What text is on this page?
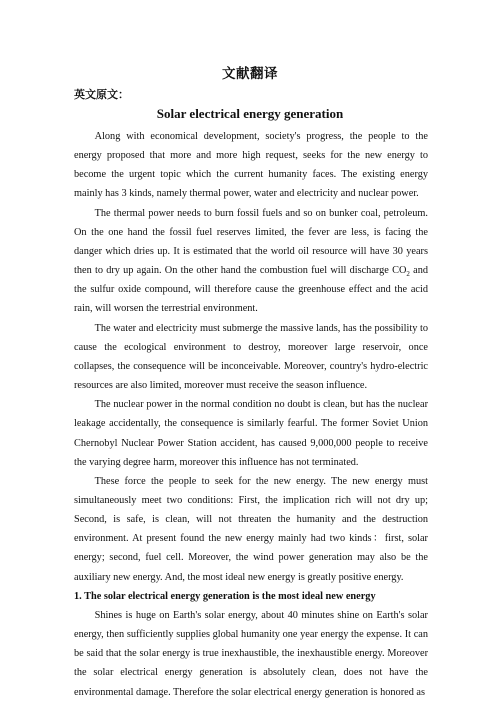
文献翻译
英文原文：
Solar electrical energy generation

Along with economical development, society's progress, the people to the energy proposed that more and more high request, seeks for the new energy to become the urgent topic which the current humanity faces. The existing energy mainly has 3 kinds, namely thermal power, water and electricity and nuclear power.

The thermal power needs to burn fossil fuels and so on bunker coal, petroleum. On the one hand the fossil fuel reserves limited, the fever are less, is facing the danger which dries up. It is estimated that the world oil resource will have 30 years then to dry up again. On the other hand the combustion fuel will discharge $CO_2$ and the sulfur oxide compound, will therefore cause the greenhouse effect and the acid rain, will worsen the terrestrial environment.

The water and electricity must submerge the massive lands, has the possibility to cause the ecological environment to destroy, moreover large reservoir, once collapses, the consequence will be inconceivable. Moreover, country's hydro-electric resources are also limited, moreover must receive the season influence.

The nuclear power in the normal condition no doubt is clean, but has the nuclear leakage accidentally, the consequence is similarly fearful. The former Soviet Union Chernobyl Nuclear Power Station accident, has caused 9,000,000 people to receive the varying degree harm, moreover this influence has not terminated.

These force the people to seek for the new energy. The new energy must simultaneously meet two conditions: First, the implication rich will not dry up; Second, is safe, is clean, will not threaten the humanity and the destruction environment. At present found the new energy mainly had two kinds：first, solar energy; second, fuel cell. Moreover, the wind power generation may also be the auxiliary new energy. And, the most ideal new energy is greatly positive energy.

1. The solar electrical energy generation is the most ideal new energy

Shines is huge on Earth's solar energy, about 40 minutes shine on Earth's solar energy, then sufficiently supplies global humanity one year energy the expense. It can be said that the solar energy is true inexhaustible, the inexhaustible energy. Moreover the solar electrical energy generation is absolutely clean, does not have the environmental damage. Therefore the solar electrical energy generation is honored as
